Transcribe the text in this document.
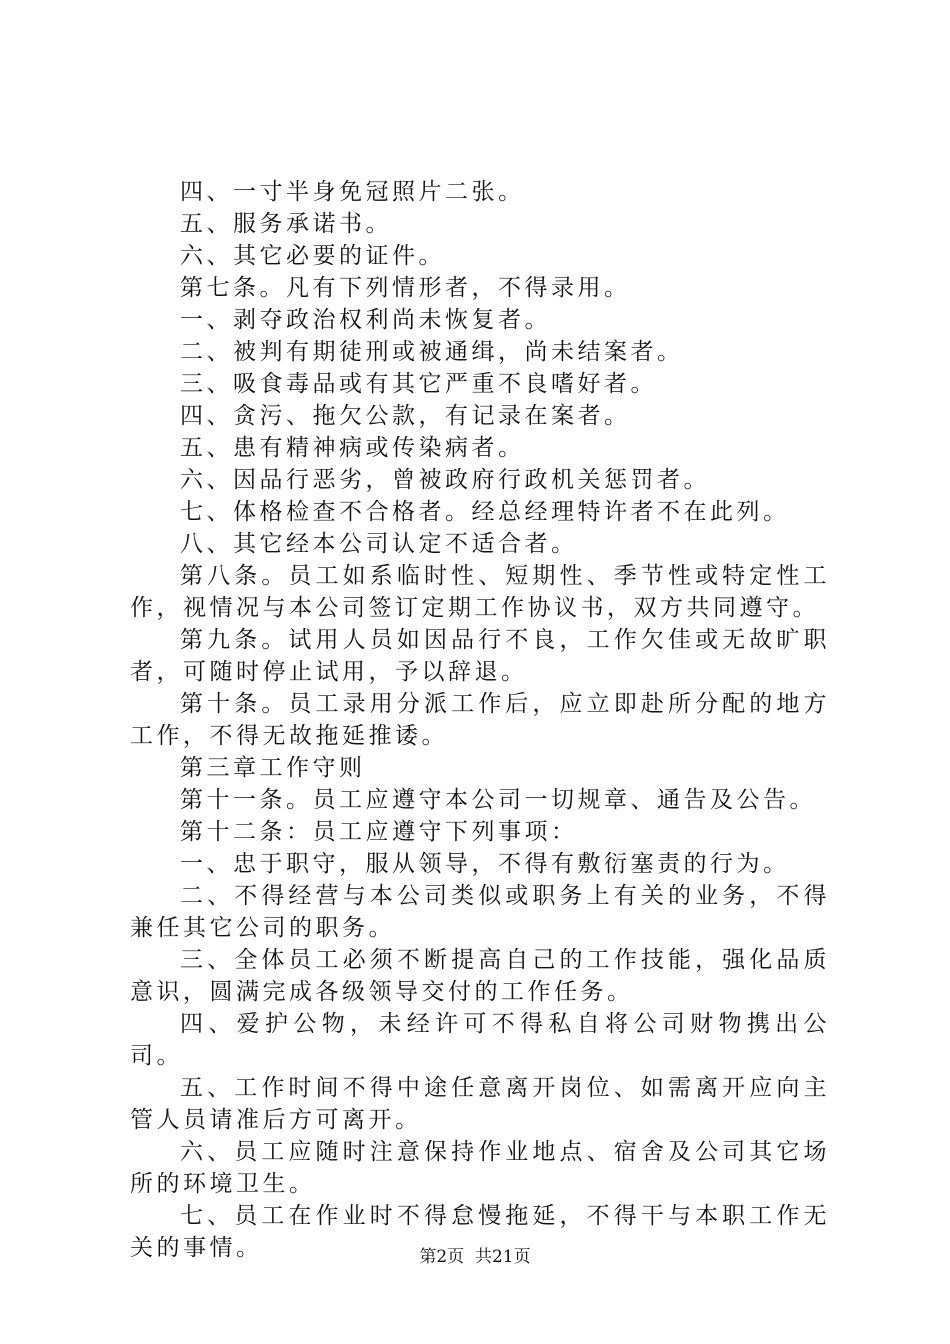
四、一寸半身免冠照片二张。

五、服务承诺书。

六、其它必要的证件。

第七条。凡有下列情形者，不得录用。

一、剥夺政治权利尚未恢复者。

二、被判有期徒刑或被通缉，尚未结案者。

三、吸食毒品或有其它严重不良嗜好者。

四、贪污、拖欠公款，有记录在案者。

五、患有精神病或传染病者。

六、因品行恶劣，曾被政府行政机关惩罚者。

七、体格检查不合格者。经总经理特许者不在此列。

八、其它经本公司认定不适合者。

第八条。员工如系临时性、短期性、季节性或特定性工作，视情况与本公司签订定期工作协议书，双方共同遵守。

第九条。试用人员如因品行不良，工作欠佳或无故旷职者，可随时停止试用，予以辞退。

第十条。员工录用分派工作后，应立即赴所分配的地方工作，不得无故拖延推诿。

第三章工作守则

第十一条。员工应遵守本公司一切规章、通告及公告。

第十二条：员工应遵守下列事项：

一、忠于职守，服从领导，不得有敷衍塞责的行为。

二、不得经营与本公司类似或职务上有关的业务，不得兼任其它公司的职务。

三、全体员工必须不断提高自己的工作技能，强化品质意识，圆满完成各级领导交付的工作任务。

四、爱护公物，未经许可不得私自将公司财物携出公司。

五、工作时间不得中途任意离开岗位、如需离开应向主管人员请准后方可离开。

六、员工应随时注意保持作业地点、宿舍及公司其它场所的环境卫生。

七、员工在作业时不得怠慢拖延，不得干与本职工作无关的事情。	第2页  共21页
